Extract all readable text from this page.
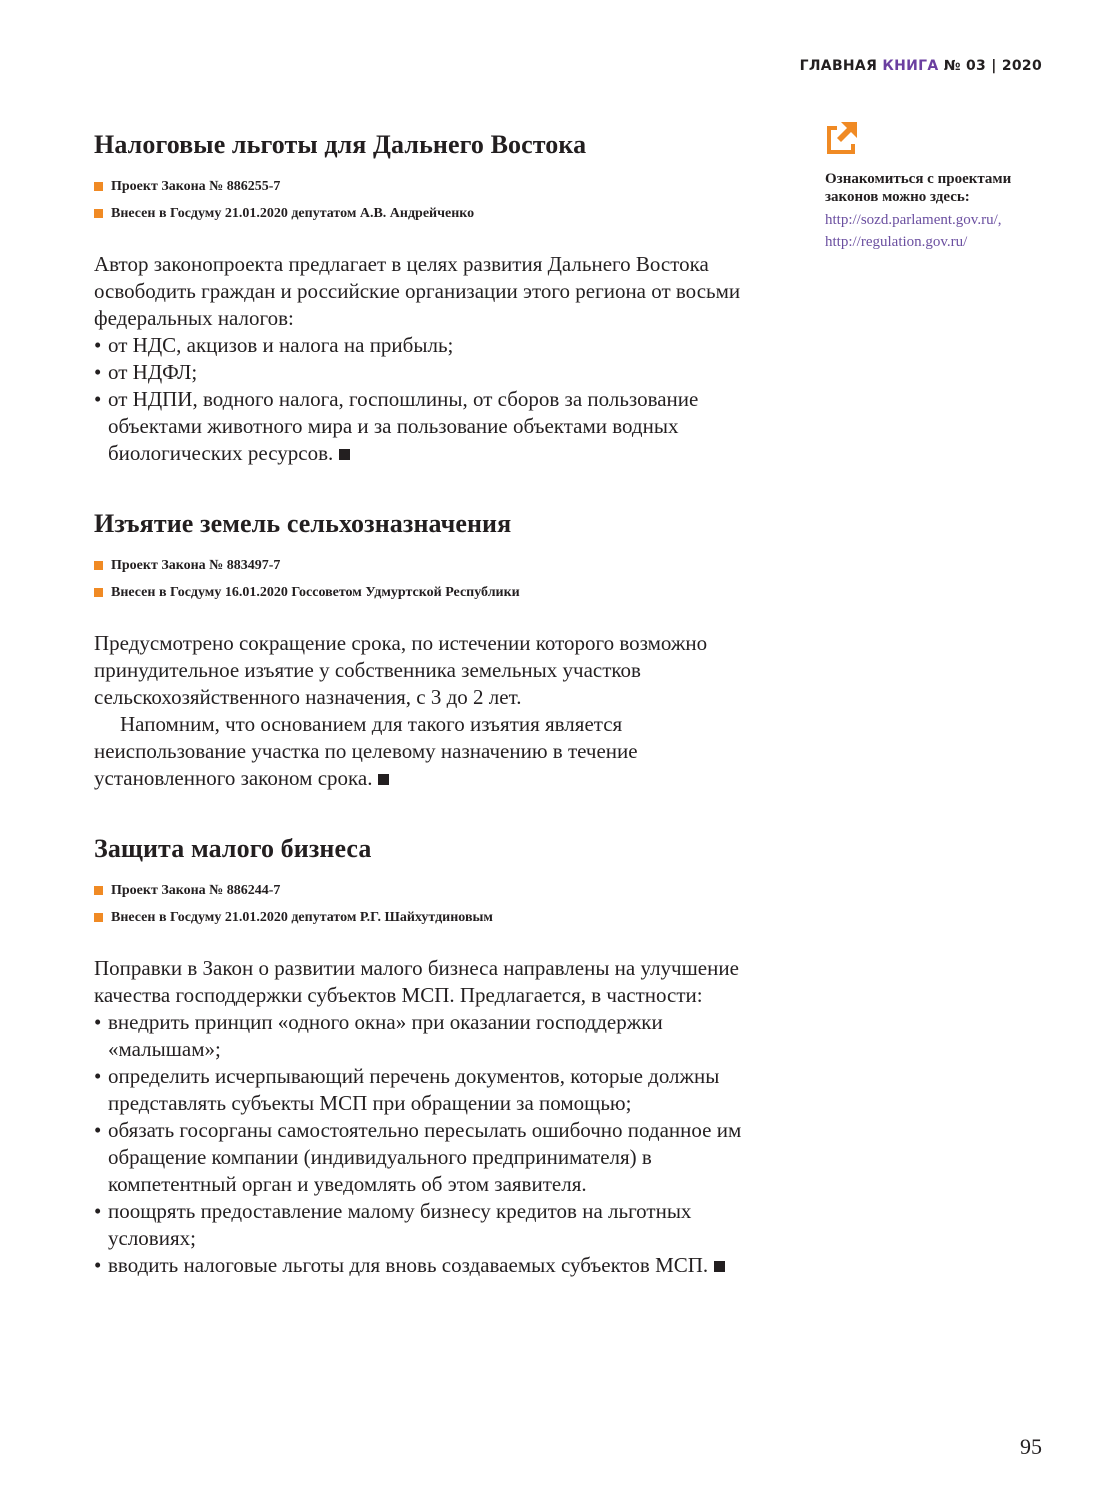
ГЛАВНАЯ КНИГА № 03 | 2020
Ознакомиться с проектами законов можно здесь:
http://sozd.parlament.gov.ru/,
http://regulation.gov.ru/
Налоговые льготы для Дальнего Востока
Проект Закона № 886255-7
Внесен в Госдуму 21.01.2020 депутатом А.В. Андрейченко

Автор законопроекта предлагает в целях развития Дальнего Востока освободить граждан и российские организации этого региона от восьми федеральных налогов:

• от НДС, акцизов и налога на прибыль;
• от НДФЛ;
• от НДПИ, водного налога, госпошлины, от сборов за пользование объектами животного мира и за пользование объектами водных биологических ресурсов.
Изъятие земель сельхозназначения
Проект Закона № 883497-7
Внесен в Госдуму 16.01.2020 Госсоветом Удмуртской Республики

Предусмотрено сокращение срока, по истечении которого возможно принудительное изъятие у собственника земельных участков сельскохозяйственного назначения, с 3 до 2 лет.

Напомним, что основанием для такого изъятия является неиспользование участка по целевому назначению в течение установленного законом срока.

Защита малого бизнеса
Проект Закона № 886244-7
Внесен в Госдуму 21.01.2020 депутатом Р.Г. Шайхутдиновым

Поправки в Закон о развитии малого бизнеса направлены на улучшение качества господдержки субъектов МСП. Предлагается, в частности:

• внедрить принцип «одного окна» при оказании господдержки «малышам»;
• определить исчерпывающий перечень документов, которые должны представлять субъекты МСП при обращении за помощью;
• обязать госорганы самостоятельно пересылать ошибочно поданное им обращение компании (индивидуального предпринимателя) в компетентный орган и уведомлять об этом заявителя.
• поощрять предоставление малому бизнесу кредитов на льготных условиях;
• вводить налоговые льготы для вновь создаваемых субъектов МСП.
95
